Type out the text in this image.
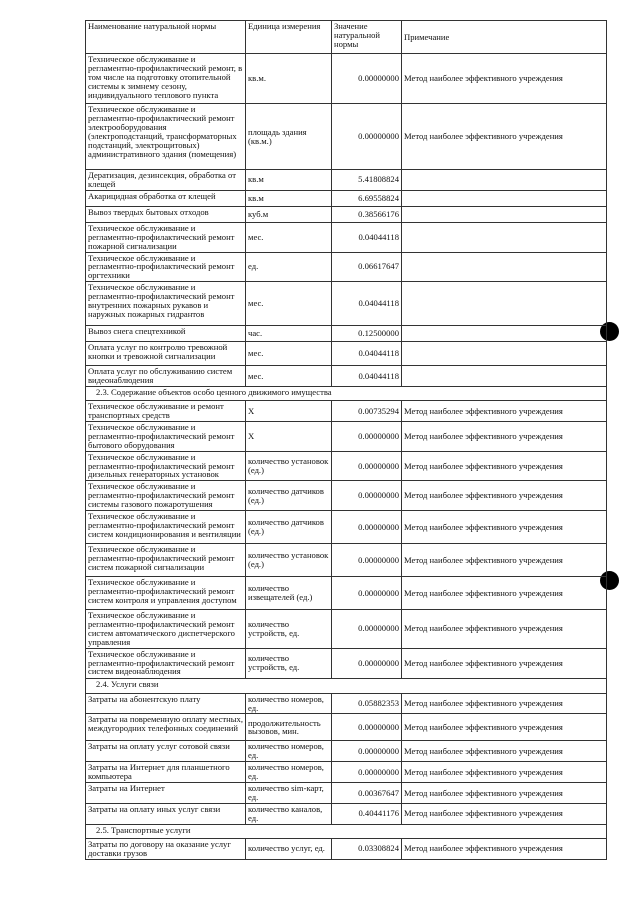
Наименование натуральной нормы	Единица измерения	Значение натуральной нормы	Примечание
Техническое обслуживание и регламентно-профилактический ремонт, в том числе на подготовку отопительной системы к зимнему сезону, индивидуального теплового пункта	кв.м.	0.00000000	Метод наиболее эффективного учреждения
Техническое обслуживание и регламентно-профилактический ремонт электрооборудования (электроподстанций, трансформаторных подстанций, электрощитовых) административного здания (помещения)	площадь здания (кв.м.)	0.00000000	Метод наиболее эффективного учреждения
Дератизация, дезинсекция, обработка от клещей	кв.м	5.41808824	
Акарицидная обработка от клещей	кв.м	6.69558824	
Вывоз твердых бытовых отходов	куб.м	0.38566176	
Техническое обслуживание и регламентно-профилактический ремонт пожарной сигнализации	мес.	0.04044118	
Техническое обслуживание и регламентно-профилактический ремонт оргтехники	ед.	0.06617647	
Техническое обслуживание и регламентно-профилактический ремонт внутренних пожарных рукавов и наружных пожарных гидрантов	мес.	0.04044118	
Вывоз снега спецтехникой	час.	0.12500000	
Оплата услуг по контролю тревожной кнопки и тревожной сигнализации	мес.	0.04044118	
Оплата услуг по обслуживанию систем видеонаблюдения	мес.	0.04044118	
2.3. Содержание объектов особо ценного движимого имущества			
Техническое обслуживание и ремонт транспортных средств	Х	0.00735294	Метод наиболее эффективного учреждения
Техническое обслуживание и регламентно-профилактический ремонт бытового оборудования	Х	0.00000000	Метод наиболее эффективного учреждения
Техническое обслуживание и регламентно-профилактический ремонт дизельных генераторных установок	количество установок (ед.)	0.00000000	Метод наиболее эффективного учреждения
Техническое обслуживание и регламентно-профилактический ремонт системы газового пожаротушения	количество датчиков (ед.)	0.00000000	Метод наиболее эффективного учреждения
Техническое обслуживание и регламентно-профилактический ремонт систем кондиционирования и вентиляции	количество датчиков (ед.)	0.00000000	Метод наиболее эффективного учреждения
Техническое обслуживание и регламентно-профилактический ремонт систем пожарной сигнализации	количество установок (ед.)	0.00000000	Метод наиболее эффективного учреждения
Техническое обслуживание и регламентно-профилактический ремонт систем контроля и управления доступом	количество извещателей (ед.)	0.00000000	Метод наиболее эффективного учреждения
Техническое обслуживание и регламентно-профилактический ремонт систем автоматического диспетчерского управления	количество устройств, ед.	0.00000000	Метод наиболее эффективного учреждения
Техническое обслуживание и регламентно-профилактический ремонт систем видеонаблюдения	количество устройств, ед.	0.00000000	Метод наиболее эффективного учреждения
2.4. Услуги связи			
Затраты на абонентскую плату	количество номеров, ед.	0.05882353	Метод наиболее эффективного учреждения
Затраты на повременную оплату местных, междугородних телефонных соединений	продолжительность вызовов, мин.	0.00000000	Метод наиболее эффективного учреждения
Затраты на оплату услуг сотовой связи	количество номеров, ед.	0.00000000	Метод наиболее эффективного учреждения
Затраты на Интернет для планшетного компьютера	количество номеров, ед.	0.00000000	Метод наиболее эффективного учреждения
Затраты на Интернет	количество sim-карт, ед.	0.00367647	Метод наиболее эффективного учреждения
Затраты на оплату иных услуг связи	количество каналов, ед.	0.40441176	Метод наиболее эффективного учреждения
2.5. Транспортные услуги			
Затраты по договору на оказание услуг доставки грузов	количество услуг, ед.	0.03308824	Метод наиболее эффективного учреждения
